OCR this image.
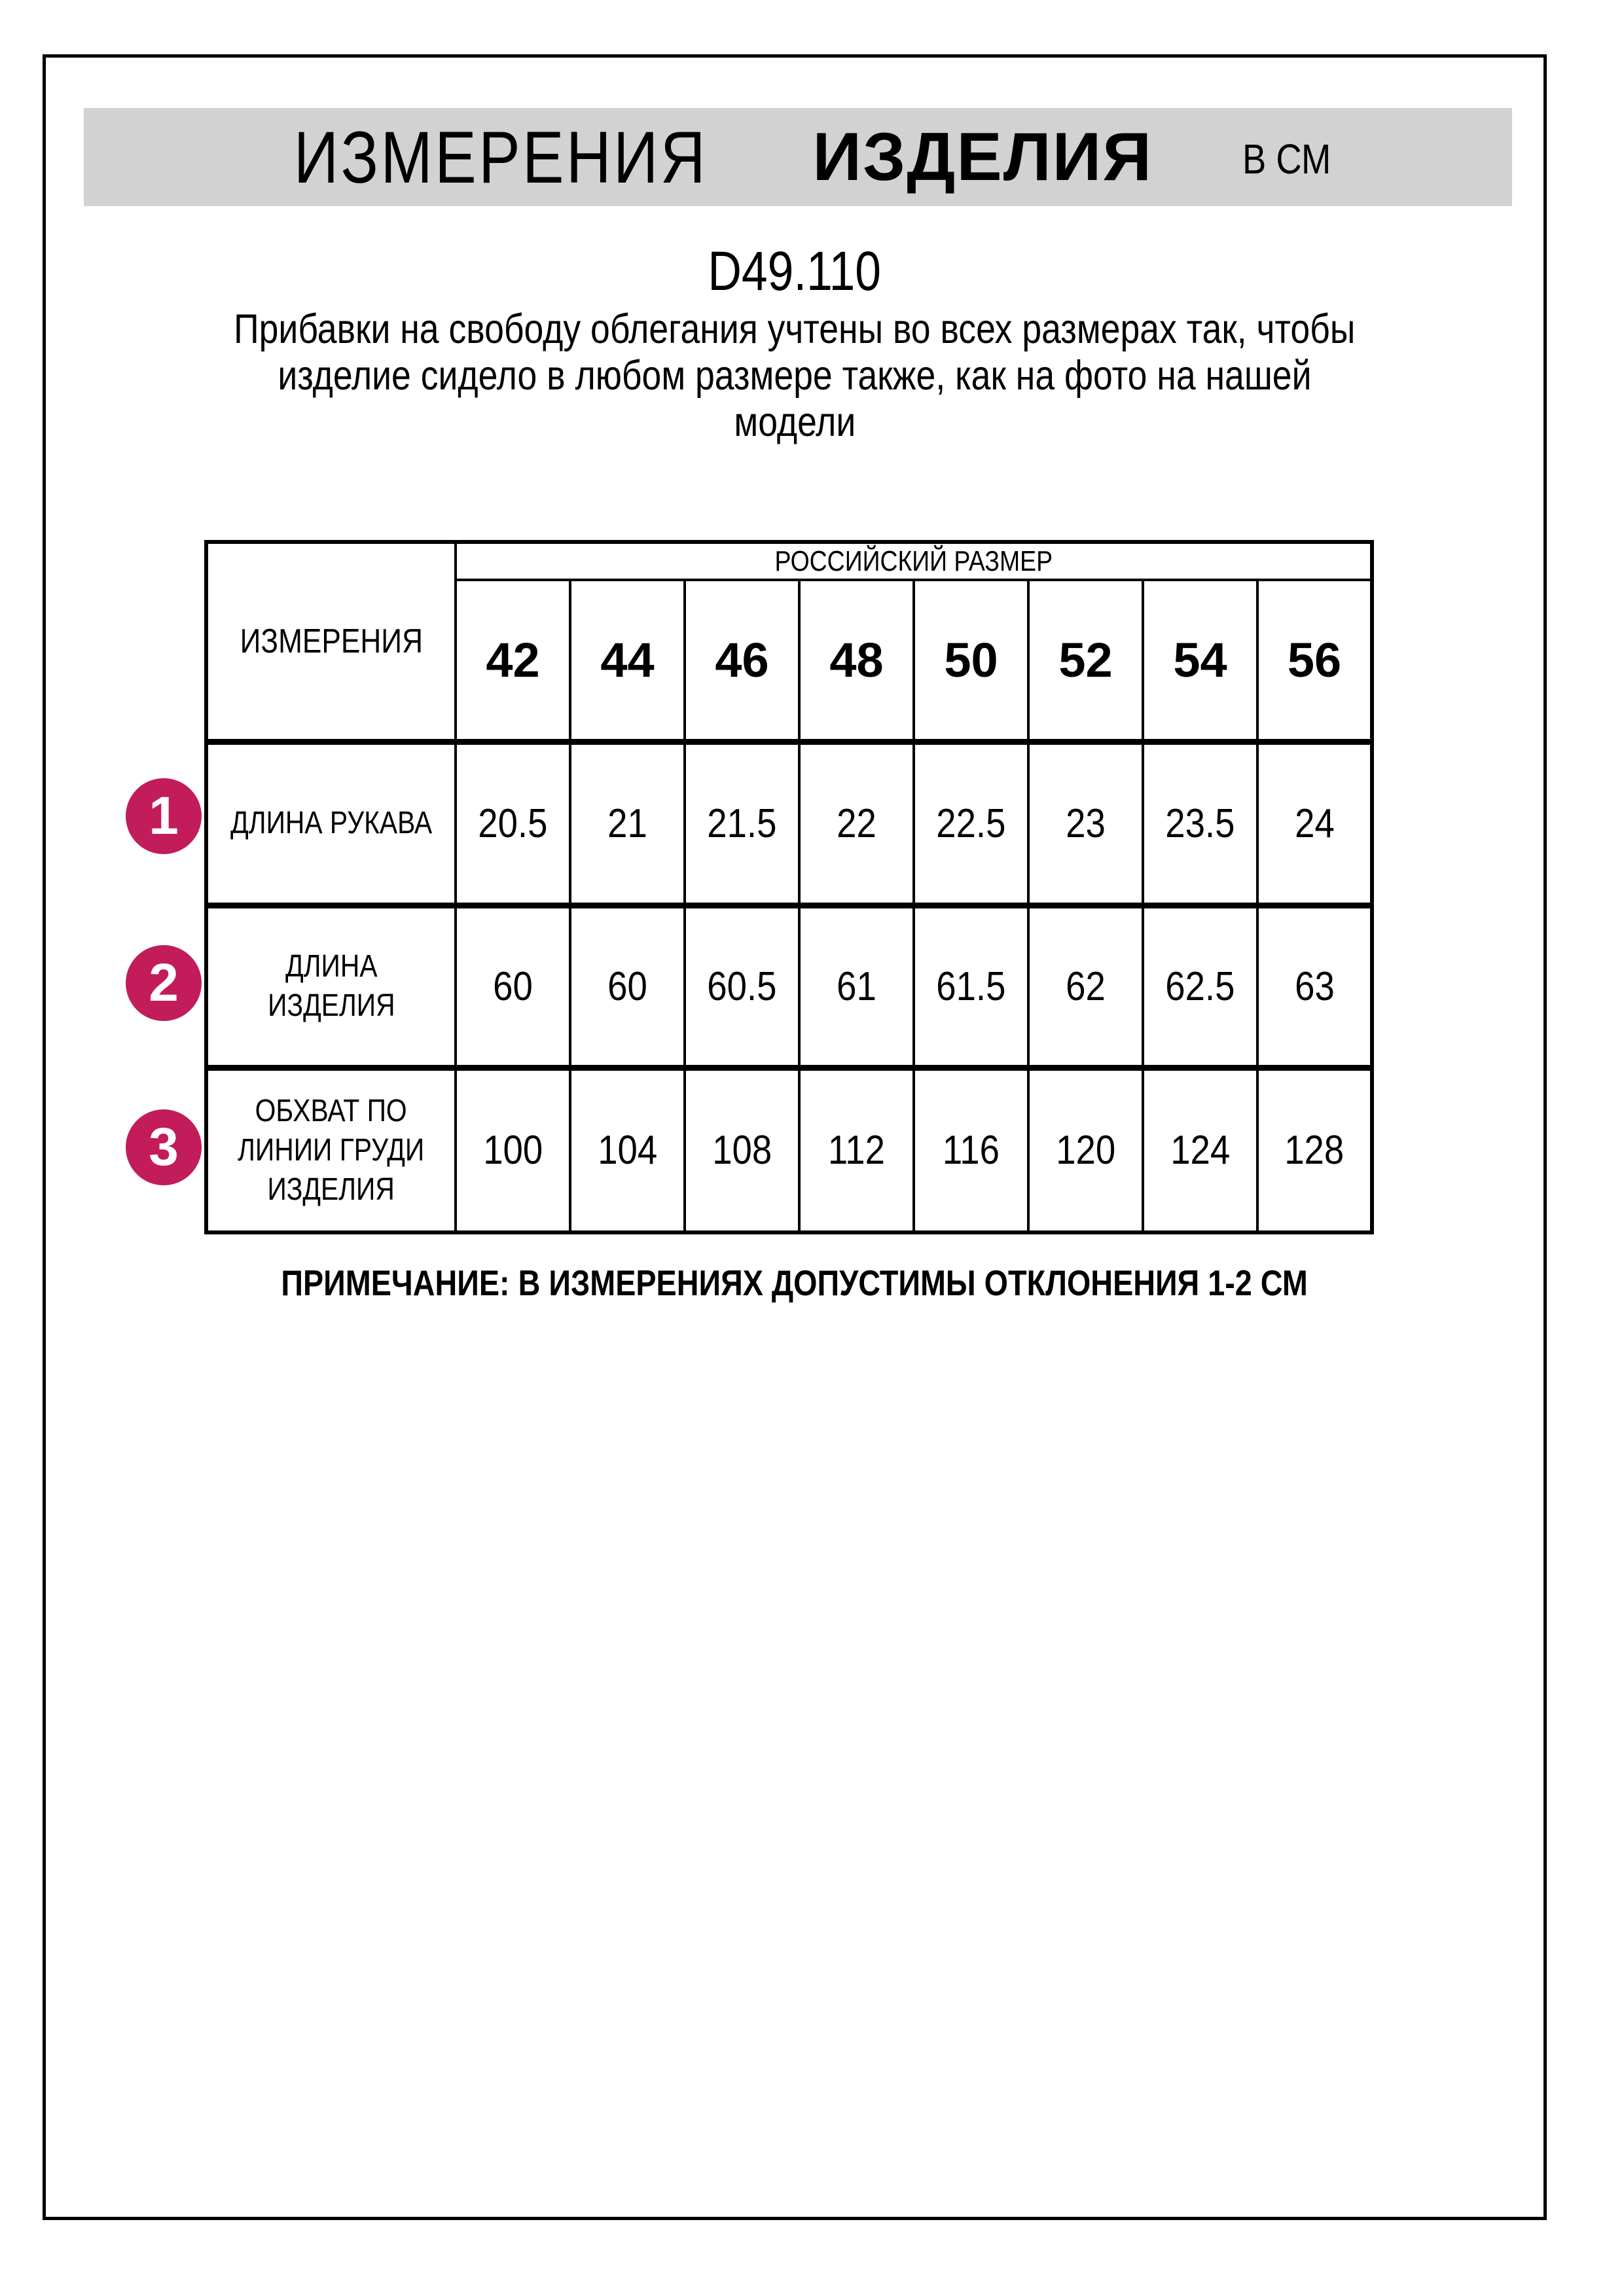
ИЗМЕРЕНИЯ ИЗДЕЛИЯ В СМ
D49.110
Прибавки на свободу облегания учтены во всех размерах так, чтобы
изделие сидело в любом размере также, как на фото на нашей
модели
ИЗМЕРЕНИЯ	РОССИЙСКИЙ РАЗМЕР							
	42	44	46	48	50	52	54	56
ДЛИНА РУКАВА	20.5	21	21.5	22	22.5	23	23.5	24
ДЛИНА
ИЗДЕЛИЯ	60	60	60.5	61	61.5	62	62.5	63
ОБХВАТ ПО
ЛИНИИ ГРУДИ
ИЗДЕЛИЯ	100	104	108	112	116	120	124	128
1
2
3
ПРИМЕЧАНИЕ: В ИЗМЕРЕНИЯХ ДОПУСТИМЫ ОТКЛОНЕНИЯ 1-2 СМ
